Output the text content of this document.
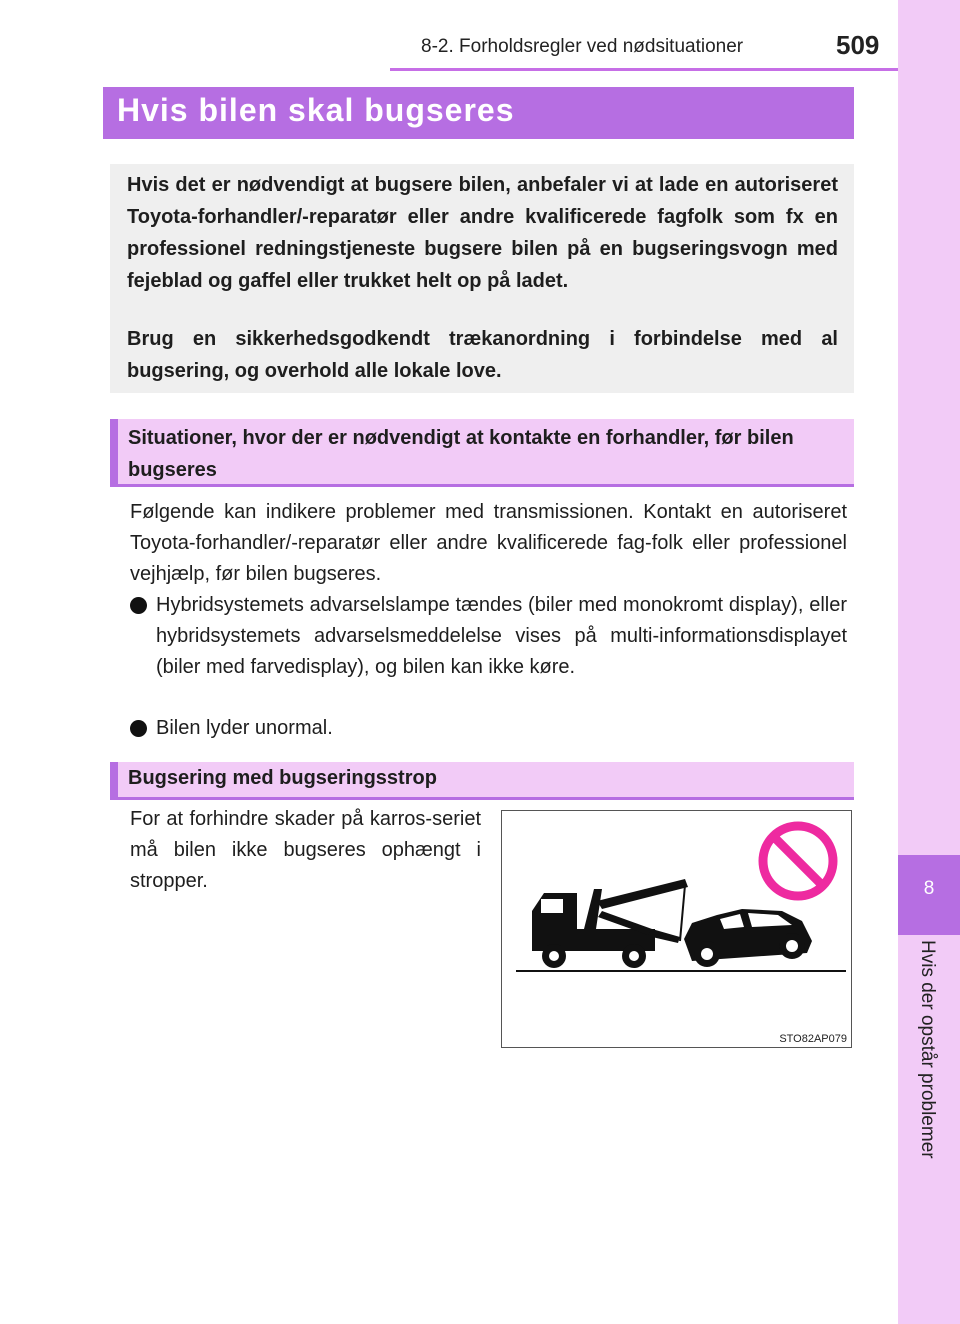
8-2. Forholdsregler ved nødsituationer	509
8
Hvis der opstår problemer
Hvis bilen skal bugseres

Hvis det er nødvendigt at bugsere bilen, anbefaler vi at lade en autoriseret Toyota-forhandler/-reparatør eller andre kvalificerede fagfolk som fx en professionel redningstjeneste bugsere bilen på en bugseringsvogn med fejeblad og gaffel eller trukket helt op på ladet.

Brug en sikkerhedsgodkendt trækanordning i forbindelse med al bugsering, og overhold alle lokale love.

Situationer, hvor der er nødvendigt at kontakte en forhandler, før bilen bugseres

Følgende kan indikere problemer med transmissionen. Kontakt en autoriseret Toyota-forhandler/-reparatør eller andre kvalificerede fag-folk eller professionel vejhjælp, før bilen bugseres.

Hybridsystemets advarselslampe tændes (biler med monokromt display), eller hybridsystemets advarselsmeddelelse vises på multi-informationsdisplayet (biler med farvedisplay), og bilen kan ikke køre.
Bilen lyder unormal.
Bugsering med bugseringsstrop

For at forhindre skader på karros-seriet må bilen ikke bugseres ophængt i stropper.

STO82AP079
